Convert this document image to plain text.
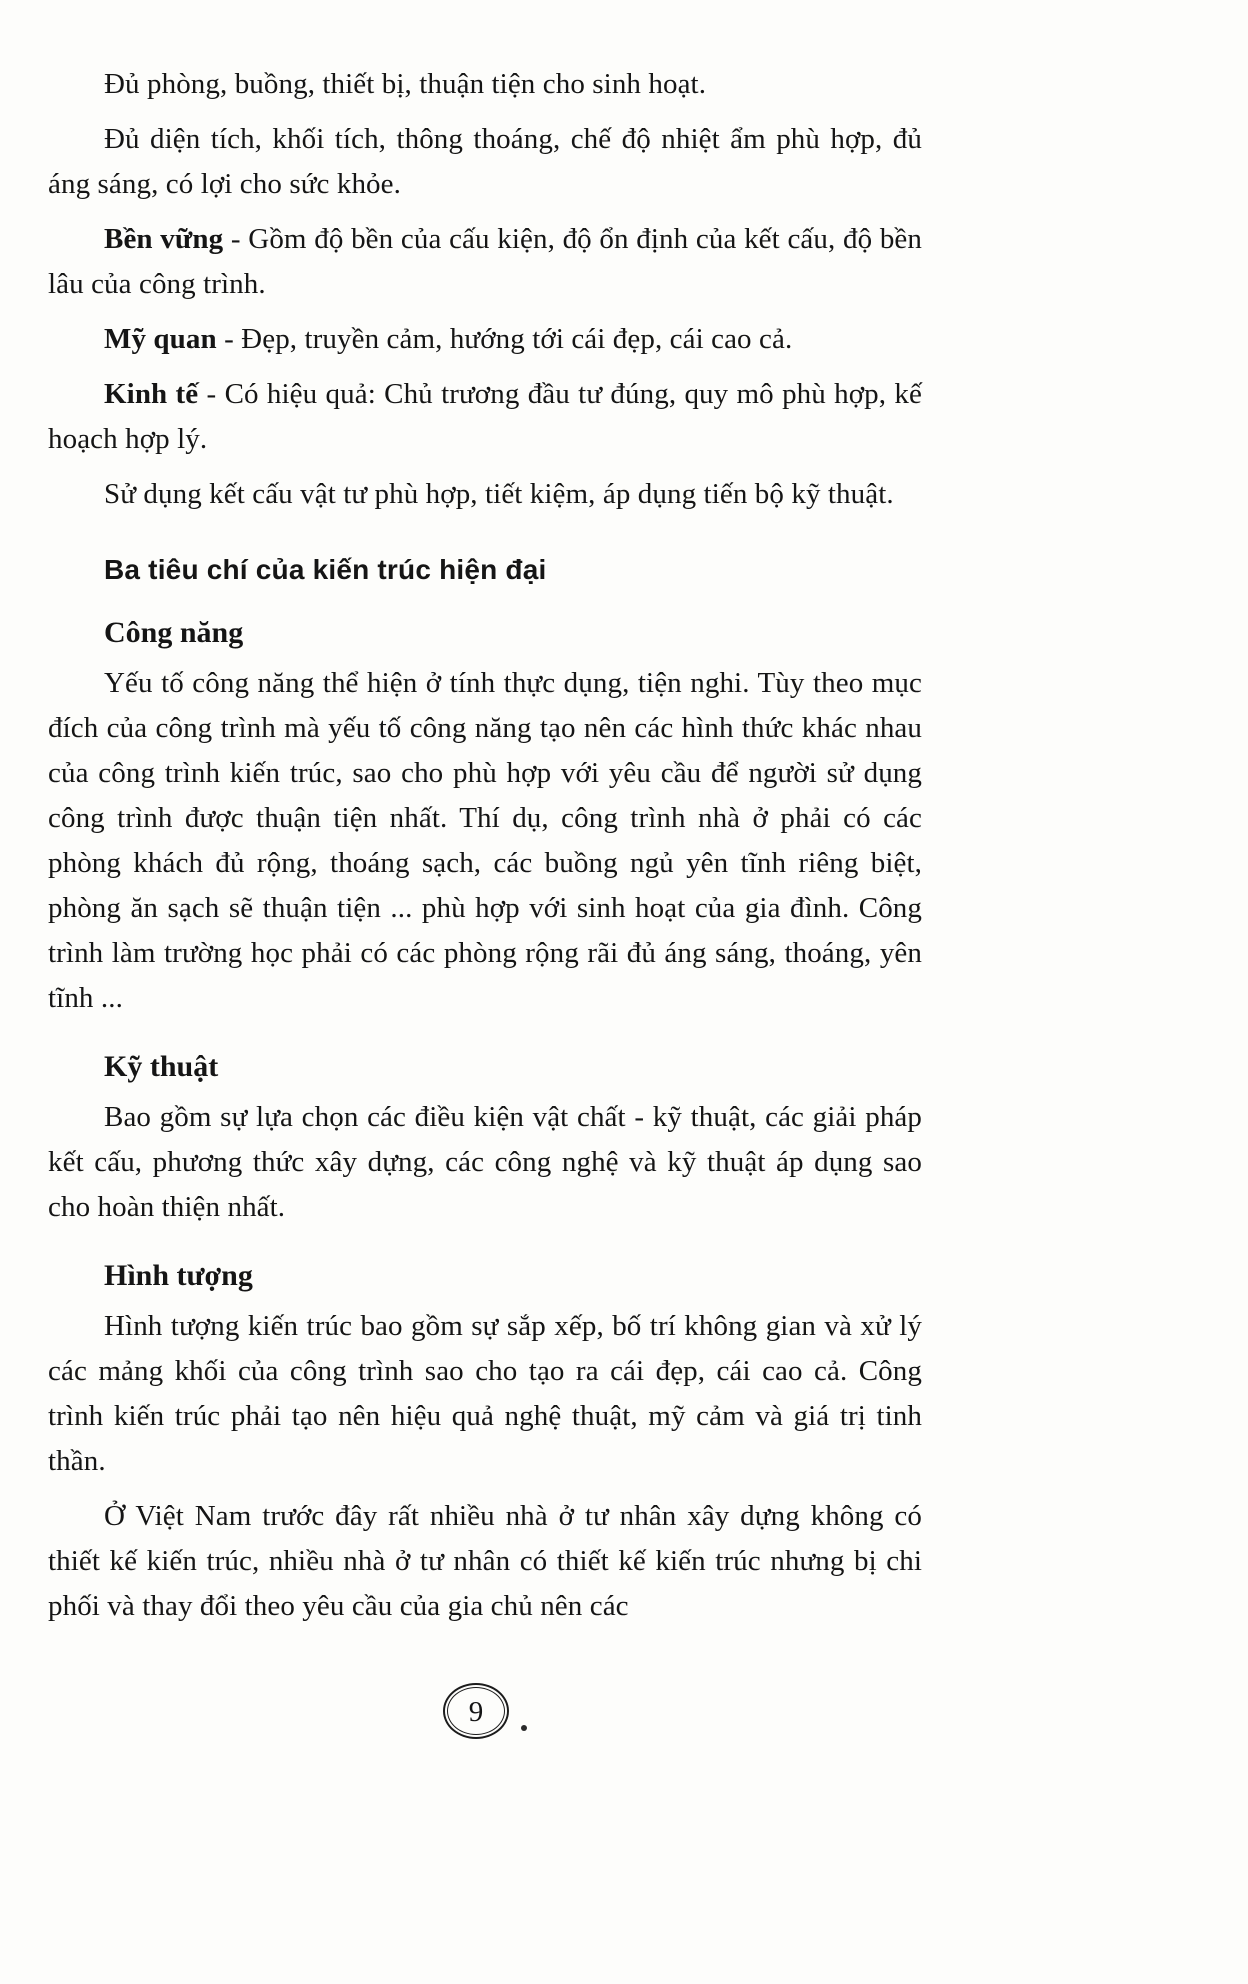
Đủ phòng, buồng, thiết bị, thuận tiện cho sinh hoạt.

Đủ diện tích, khối tích, thông thoáng, chế độ nhiệt ẩm phù hợp, đủ áng sáng, có lợi cho sức khỏe.

Bền vững - Gồm độ bền của cấu kiện, độ ổn định của kết cấu, độ bền lâu của công trình.

Mỹ quan - Đẹp, truyền cảm, hướng tới cái đẹp, cái cao cả.

Kinh tế - Có hiệu quả: Chủ trương đầu tư đúng, quy mô phù hợp, kế hoạch hợp lý.

Sử dụng kết cấu vật tư phù hợp, tiết kiệm, áp dụng tiến bộ kỹ thuật.

Ba tiêu chí của kiến trúc hiện đại
Công năng

Yếu tố công năng thể hiện ở tính thực dụng, tiện nghi. Tùy theo mục đích của công trình mà yếu tố công năng tạo nên các hình thức khác nhau của công trình kiến trúc, sao cho phù hợp với yêu cầu để người sử dụng công trình được thuận tiện nhất. Thí dụ, công trình nhà ở phải có các phòng khách đủ rộng, thoáng sạch, các buồng ngủ yên tĩnh riêng biệt, phòng ăn sạch sẽ thuận tiện ... phù hợp với sinh hoạt của gia đình. Công trình làm trường học phải có các phòng rộng rãi đủ áng sáng, thoáng, yên tĩnh ...

Kỹ thuật

Bao gồm sự lựa chọn các điều kiện vật chất - kỹ thuật, các giải pháp kết cấu, phương thức xây dựng, các công nghệ và kỹ thuật áp dụng sao cho hoàn thiện nhất.

Hình tượng

Hình tượng kiến trúc bao gồm sự sắp xếp, bố trí không gian và xử lý các mảng khối của công trình sao cho tạo ra cái đẹp, cái cao cả. Công trình kiến trúc phải tạo nên hiệu quả nghệ thuật, mỹ cảm và giá trị tinh thần.

Ở Việt Nam trước đây rất nhiều nhà ở tư nhân xây dựng không có thiết kế kiến trúc, nhiều nhà ở tư nhân có thiết kế kiến trúc nhưng bị chi phối và thay đổi theo yêu cầu của gia chủ nên các

9
